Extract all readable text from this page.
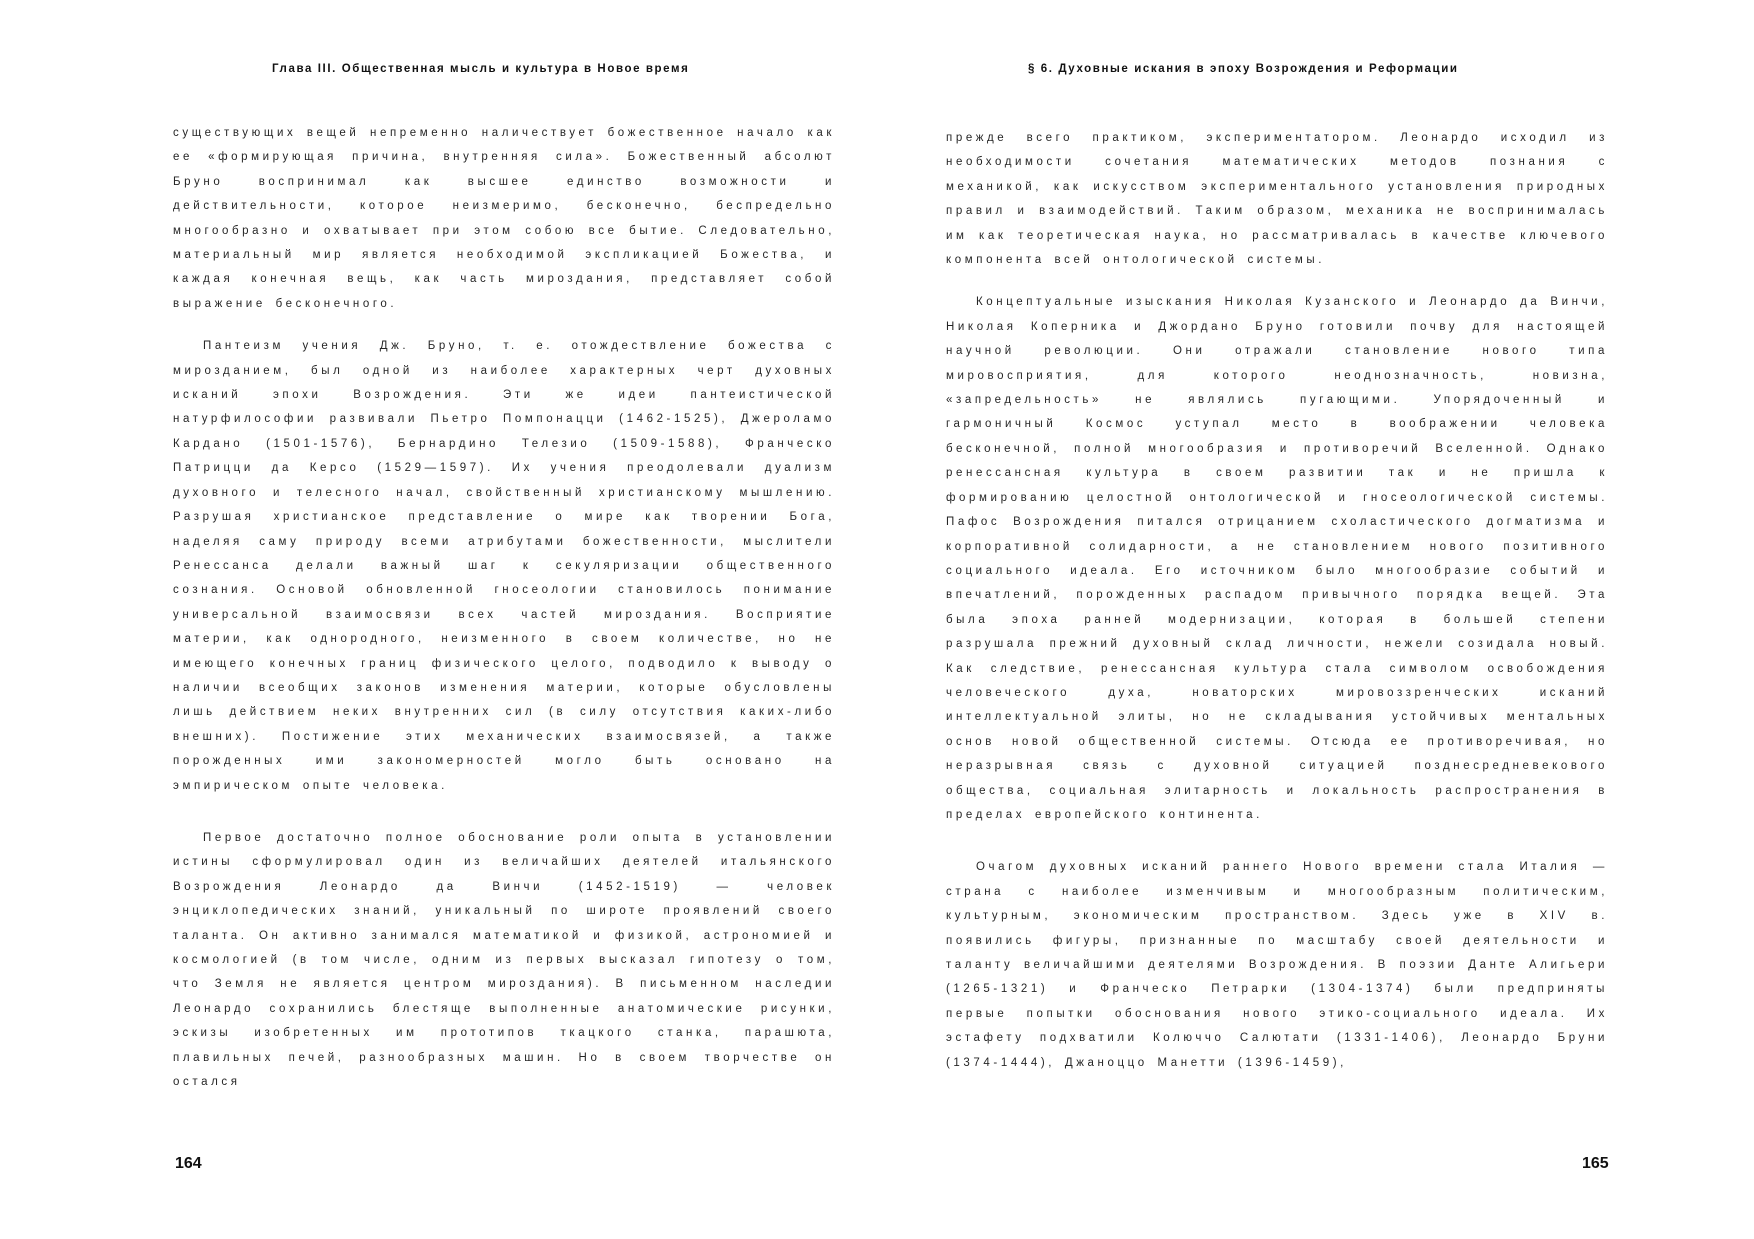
Глава III. Общественная мысль и культура в Новое время

существующих вещей непременно наличествует божественное начало как ее «формирующая причина, внутренняя сила». Божественный абсолют Бруно воспринимал как высшее единство возможности и действительности, которое неизмеримо, бесконечно, беспредельно многообразно и охватывает при этом собою все бытие. Следовательно, материальный мир является необходимой экспликацией Божества, и каждая конечная вещь, как часть мироздания, представляет собой выражение бесконечного.

Пантеизм учения Дж. Бруно, т. е. отождествление божества с мирозданием, был одной из наиболее характерных черт духовных исканий эпохи Возрождения. Эти же идеи пантеистической натурфилософии развивали Пьетро Помпонацци (1462-1525), Джероламо Кардано (1501-1576), Бернардино Телезио (1509-1588), Франческо Патрицци да Керсо (1529—1597). Их учения преодолевали дуализм духовного и телесного начал, свойственный христианскому мышлению. Разрушая христианское представление о мире как творении Бога, наделяя саму природу всеми атрибутами божественности, мыслители Ренессанса делали важный шаг к секуляризации общественного сознания. Основой обновленной гносеологии становилось понимание универсальной взаимосвязи всех частей мироздания. Восприятие материи, как однородного, неизменного в своем количестве, но не имеющего конечных границ физического целого, подводило к выводу о наличии всеобщих законов изменения материи, которые обусловлены лишь действием неких внутренних сил (в силу отсутствия каких-либо внешних). Постижение этих механических взаимосвязей, а также порожденных ими закономерностей могло быть основано на эмпирическом опыте человека.

Первое достаточно полное обоснование роли опыта в установлении истины сформулировал один из величайших деятелей итальянского Возрождения Леонардо да Винчи (1452-1519) — человек энциклопедических знаний, уникальный по широте проявлений своего таланта. Он активно занимался математикой и физикой, астрономией и космологией (в том числе, одним из первых высказал гипотезу о том, что Земля не является центром мироздания). В письменном наследии Леонардо сохранились блестяще выполненные анатомические рисунки, эскизы изобретенных им прототипов ткацкого станка, парашюта, плавильных печей, разнообразных машин. Но в своем творчестве он остался

164
§ 6. Духовные искания в эпоху Возрождения и Реформации

прежде всего практиком, экспериментатором. Леонардо исходил из необходимости сочетания математических методов познания с механикой, как искусством экспериментального установления природных правил и взаимодействий. Таким образом, механика не воспринималась им как теоретическая наука, но рассматривалась в качестве ключевого компонента всей онтологической системы.

Концептуальные изыскания Николая Кузанского и Леонардо да Винчи, Николая Коперника и Джордано Бруно готовили почву для настоящей научной революции. Они отражали становление нового типа мировосприятия, для которого неоднозначность, новизна, «запредельность» не являлись пугающими. Упорядоченный и гармоничный Космос уступал место в воображении человека бесконечной, полной многообразия и противоречий Вселенной. Однако ренессансная культура в своем развитии так и не пришла к формированию целостной онтологической и гносеологической системы. Пафос Возрождения питался отрицанием схоластического догматизма и корпоративной солидарности, а не становлением нового позитивного социального идеала. Его источником было многообразие событий и впечатлений, порожденных распадом привычного порядка вещей. Эта была эпоха ранней модернизации, которая в большей степени разрушала прежний духовный склад личности, нежели созидала новый. Как следствие, ренессансная культура стала символом освобождения человеческого духа, новаторских мировоззренческих исканий интеллектуальной элиты, но не складывания устойчивых ментальных основ новой общественной системы. Отсюда ее противоречивая, но неразрывная связь с духовной ситуацией позднесредневекового общества, социальная элитарность и локальность распространения в пределах европейского континента.

Очагом духовных исканий раннего Нового времени стала Италия — страна с наиболее изменчивым и многообразным политическим, культурным, экономическим пространством. Здесь уже в XIV в. появились фигуры, признанные по масштабу своей деятельности и таланту величайшими деятелями Возрождения. В поэзии Данте Алигьери (1265-1321) и Франческо Петрарки (1304-1374) были предприняты первые попытки обоснования нового этико-социального идеала. Их эстафету подхватили Колюччо Салютати (1331-1406), Леонардо Бруни (1374-1444), Джаноццо Манетти (1396-1459),

165
